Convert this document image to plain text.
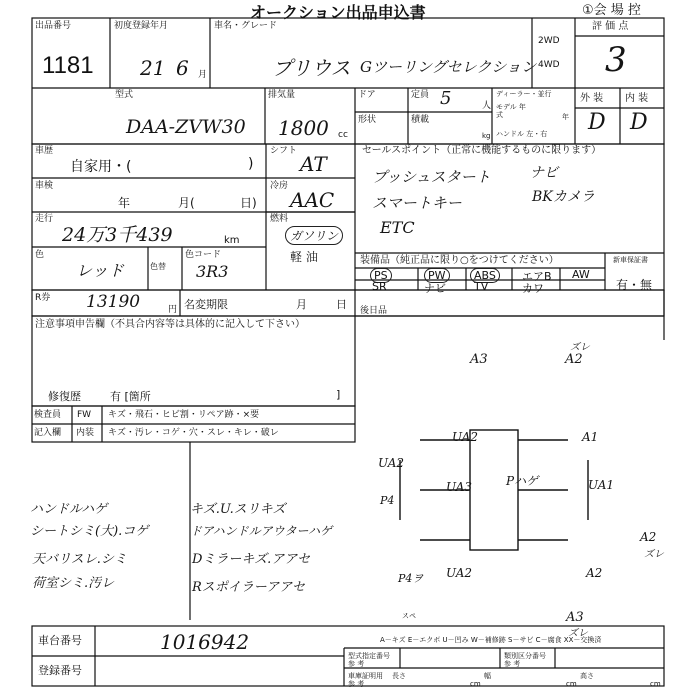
オークション出品申込書	①会 場 控
出品番号
1181
初度登録年月
21 6 月
車名・グレード
プリウス Gツーリングセレクション
2WD
4WD
評 価 点
3
型式
DAA-ZVW30
排気量
1800 cc
ドア	定員 5	人
ディーラー・並行
モデル 年式	年
形状	積載
kg ハンドル 左・右
外 装 内 装
D D
車歴
自家用・(	)
シフト
AT
セールスポイント（正常に機能するものに限ります）
プッシュスタート
スマートキー
ETC
ナビ
BKカメラ
車検
年	月(	日)
冷房
AAC
走行
24万3千439	km
燃料
ガソリン
軽 油
色
レッド	色替
色コード
3R3
装備品（純正品に限り○をつけてください）	新車保証書
有・無
PS	PW	ABS	エアB AW
SR	ナビ	TV	カワ
R券 13190	円 名変期限	月	日 後日品
注意事項申告欄（不具合内容等は具体的に記入して下さい）
修復歴	有 [箇所	]
検査員
記入欄
FW キズ・飛石・ヒビ割・リペア跡・×要
内装 キズ・汚レ・コゲ・穴・スレ・キレ・破レ
ハンドルハゲ
シートシミ(大).コゲ
天バリスレ.シミ
荷室シミ.汚レ
キズ.U.スリキズ
ドアハンドルアウターハゲ
Dミラーキズ.アアセ
Rスポイラーアアセ
A3	A2
ズレ
UA2	A1
UA2
Pハゲ	UA1
P4
UA3
A2
ズレ
P4ヲ UA2	A2
スペ	A3
ズレ
A－キズ E－エクボ U－凹み W－補修跡 S－サビ C－腐食 XX－交換済
車台番号	1016942
登録番号
型式指定番号 参 考
類別区分番号 参 考
車庫証明用 参 考
長さ
cm
幅
cm
高さ
cm
